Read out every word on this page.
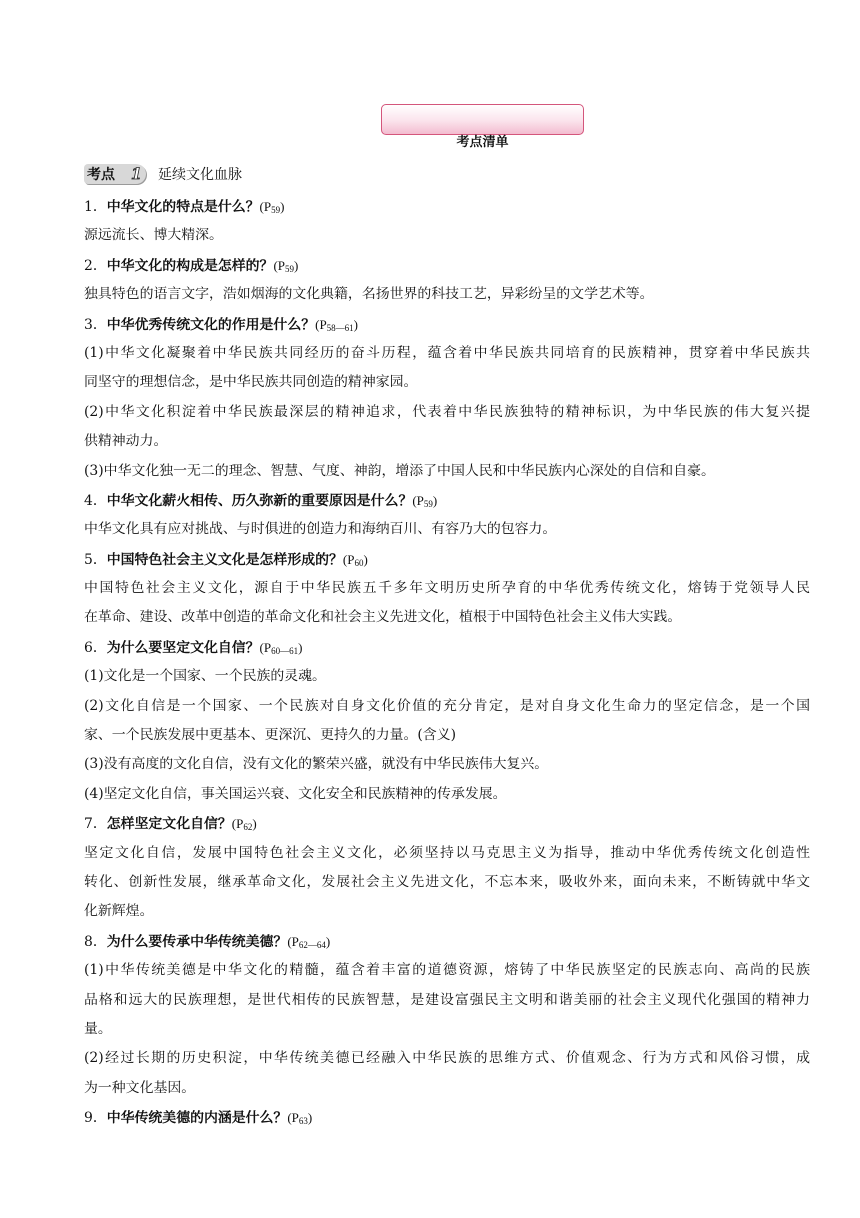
考点清单
考点 1 延续文化血脉
1．中华文化的特点是什么？$(P_{59})$
源远流长、博大精深。
2．中华文化的构成是怎样的？$(P_{59})$
独具特色的语言文字，浩如烟海的文化典籍，名扬世界的科技工艺，异彩纷呈的文学艺术等。
3．中华优秀传统文化的作用是什么？$(P_{58—61})$
(1)中华文化凝聚着中华民族共同经历的奋斗历程，蕴含着中华民族共同培育的民族精神，贯穿着中华民族共
同坚守的理想信念，是中华民族共同创造的精神家园。
(2)中华文化积淀着中华民族最深层的精神追求，代表着中华民族独特的精神标识，为中华民族的伟大复兴提
供精神动力。
(3)中华文化独一无二的理念、智慧、气度、神韵，增添了中国人民和中华民族内心深处的自信和自豪。
4．中华文化薪火相传、历久弥新的重要原因是什么？$(P_{59})$
中华文化具有应对挑战、与时俱进的创造力和海纳百川、有容乃大的包容力。
5．中国特色社会主义文化是怎样形成的？$(P_{60})$
中国特色社会主义文化，源自于中华民族五千多年文明历史所孕育的中华优秀传统文化，熔铸于党领导人民
在革命、建设、改革中创造的革命文化和社会主义先进文化，植根于中国特色社会主义伟大实践。
6．为什么要坚定文化自信？$(P_{60—61})$
(1)文化是一个国家、一个民族的灵魂。
(2)文化自信是一个国家、一个民族对自身文化价值的充分肯定，是对自身文化生命力的坚定信念，是一个国
家、一个民族发展中更基本、更深沉、更持久的力量。(含义)
(3)没有高度的文化自信，没有文化的繁荣兴盛，就没有中华民族伟大复兴。
(4)坚定文化自信，事关国运兴衰、文化安全和民族精神的传承发展。
7．怎样坚定文化自信？$(P_{62})$
坚定文化自信，发展中国特色社会主义文化，必须坚持以马克思主义为指导，推动中华优秀传统文化创造性
转化、创新性发展，继承革命文化，发展社会主义先进文化，不忘本来，吸收外来，面向未来，不断铸就中华文
化新辉煌。
8．为什么要传承中华传统美德？$(P_{62—64})$
(1)中华传统美德是中华文化的精髓，蕴含着丰富的道德资源，熔铸了中华民族坚定的民族志向、高尚的民族
品格和远大的民族理想，是世代相传的民族智慧，是建设富强民主文明和谐美丽的社会主义现代化强国的精神力
量。
(2)经过长期的历史积淀，中华传统美德已经融入中华民族的思维方式、价值观念、行为方式和风俗习惯，成
为一种文化基因。
9．中华传统美德的内涵是什么？$(P_{63})$
